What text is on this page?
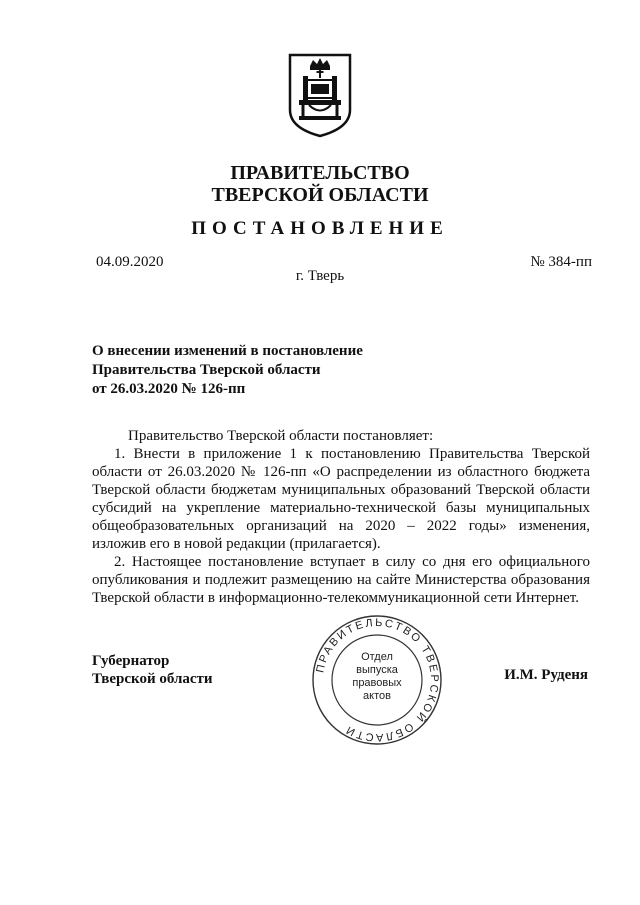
ПРАВИТЕЛЬСТВО
ТВЕРСКОЙ ОБЛАСТИ
ПОСТАНОВЛЕНИЕ
04.09.2020	№ 384-пп
г. Тверь
О внесении изменений в постановление
Правительства Тверской области
от 26.03.2020 № 126-пп

Правительство Тверской области постановляет:

1. Внести в приложение 1 к постановлению Правительства Тверской области от 26.03.2020 № 126-пп «О распределении из областного бюджета Тверской области бюджетам муниципальных образований Тверской области субсидий на укрепление материально-технической базы муниципальных общеобразовательных организаций на 2020 – 2022 годы» изменения, изложив его в новой редакции (прилагается).

2. Настоящее постановление вступает в силу со дня его официального опубликования и подлежит размещению на сайте Министерства образования Тверской области в информационно-телекоммуникационной сети Интернет.

Губернатор
Тверской области	И.М. Руденя
ПРАВИТЕЛЬСТВО ТВЕРСКОЙ ОБЛАСТИ
Отдел
выпуска
правовых
актов
